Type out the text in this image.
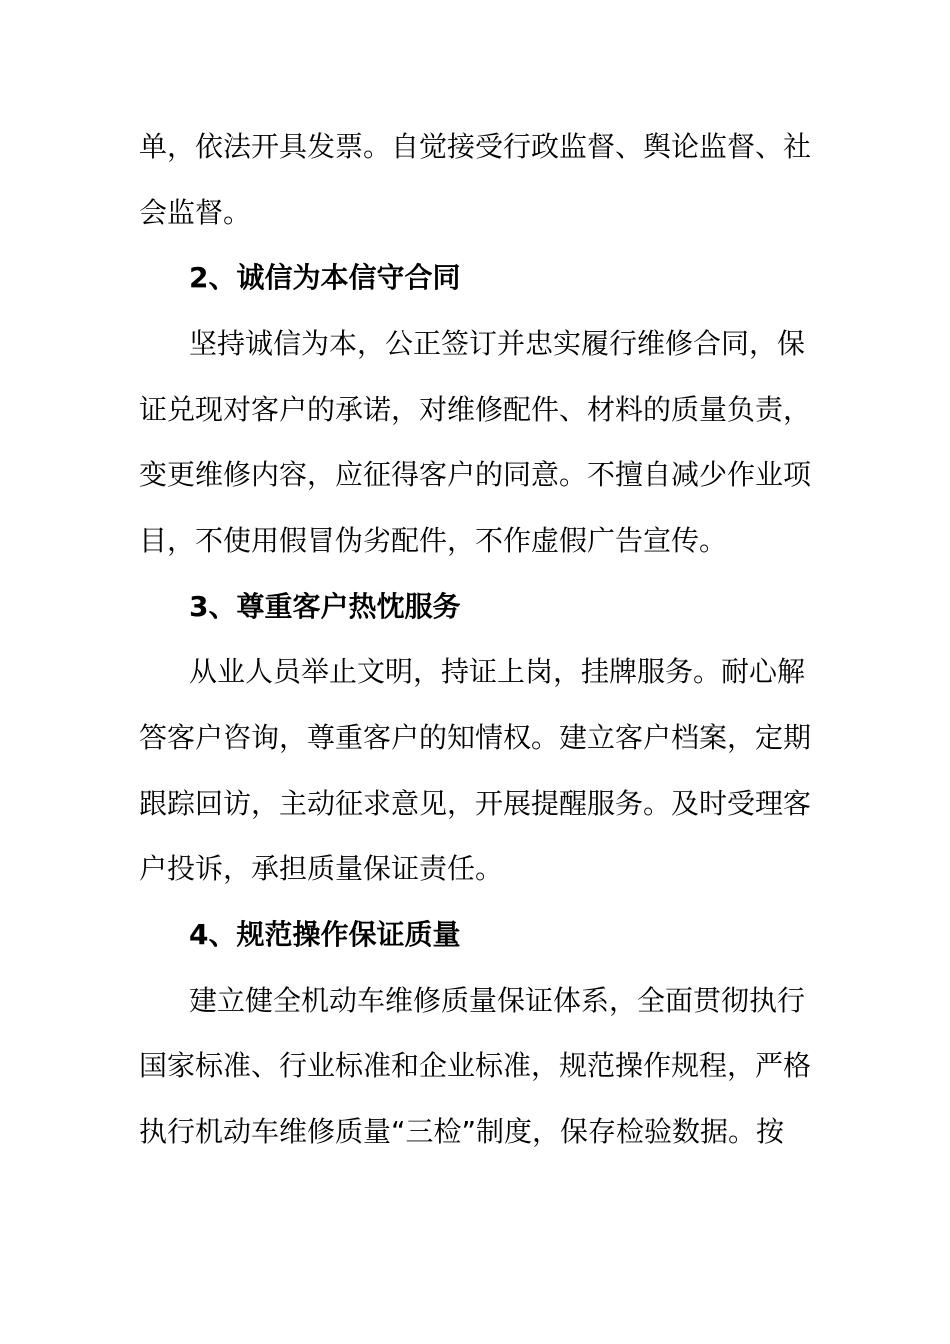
单，依法开具发票。自觉接受行政监督、舆论监督、社

会监督。

2、诚信为本信守合同

坚持诚信为本，公正签订并忠实履行维修合同，保

证兑现对客户的承诺，对维修配件、材料的质量负责，

变更维修内容，应征得客户的同意。不擅自减少作业项

目，不使用假冒伪劣配件，不作虚假广告宣传。

3、尊重客户热忱服务

从业人员举止文明，持证上岗，挂牌服务。耐心解

答客户咨询，尊重客户的知情权。建立客户档案，定期

跟踪回访，主动征求意见，开展提醒服务。及时受理客

户投诉，承担质量保证责任。

4、规范操作保证质量

建立健全机动车维修质量保证体系，全面贯彻执行

国家标准、行业标准和企业标准，规范操作规程，严格

执行机动车维修质量“三检”制度，保存检验数据。按
